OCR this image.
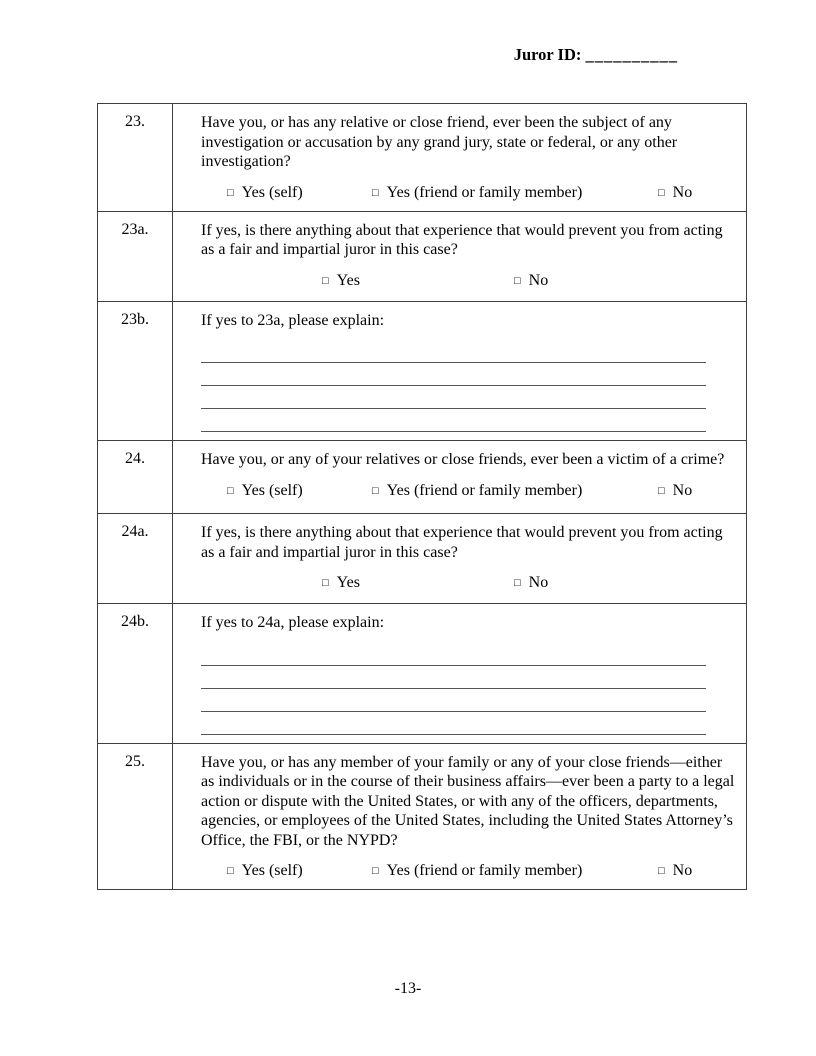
Juror ID: __________
23.	Have you, or has any relative or close friend, ever been the subject of any investigation or accusation by any grand jury, state or federal, or any other investigation?
□ Yes (self)	□ Yes (friend or family member)	□ No
23a.	If yes, is there anything about that experience that would prevent you from acting as a fair and impartial juror in this case?
□ Yes	□ No
23b.	If yes to 23a, please explain:
24.	Have you, or any of your relatives or close friends, ever been a victim of a crime?
□ Yes (self)	□ Yes (friend or family member)	□ No
24a.	If yes, is there anything about that experience that would prevent you from acting as a fair and impartial juror in this case?
□ Yes	□ No
24b.	If yes to 24a, please explain:
25.	Have you, or has any member of your family or any of your close friends—either as individuals or in the course of their business affairs—ever been a party to a legal action or dispute with the United States, or with any of the officers, departments, agencies, or employees of the United States, including the United States Attorney’s Office, the FBI, or the NYPD?
□ Yes (self)	□ Yes (friend or family member)	□ No
-13-
